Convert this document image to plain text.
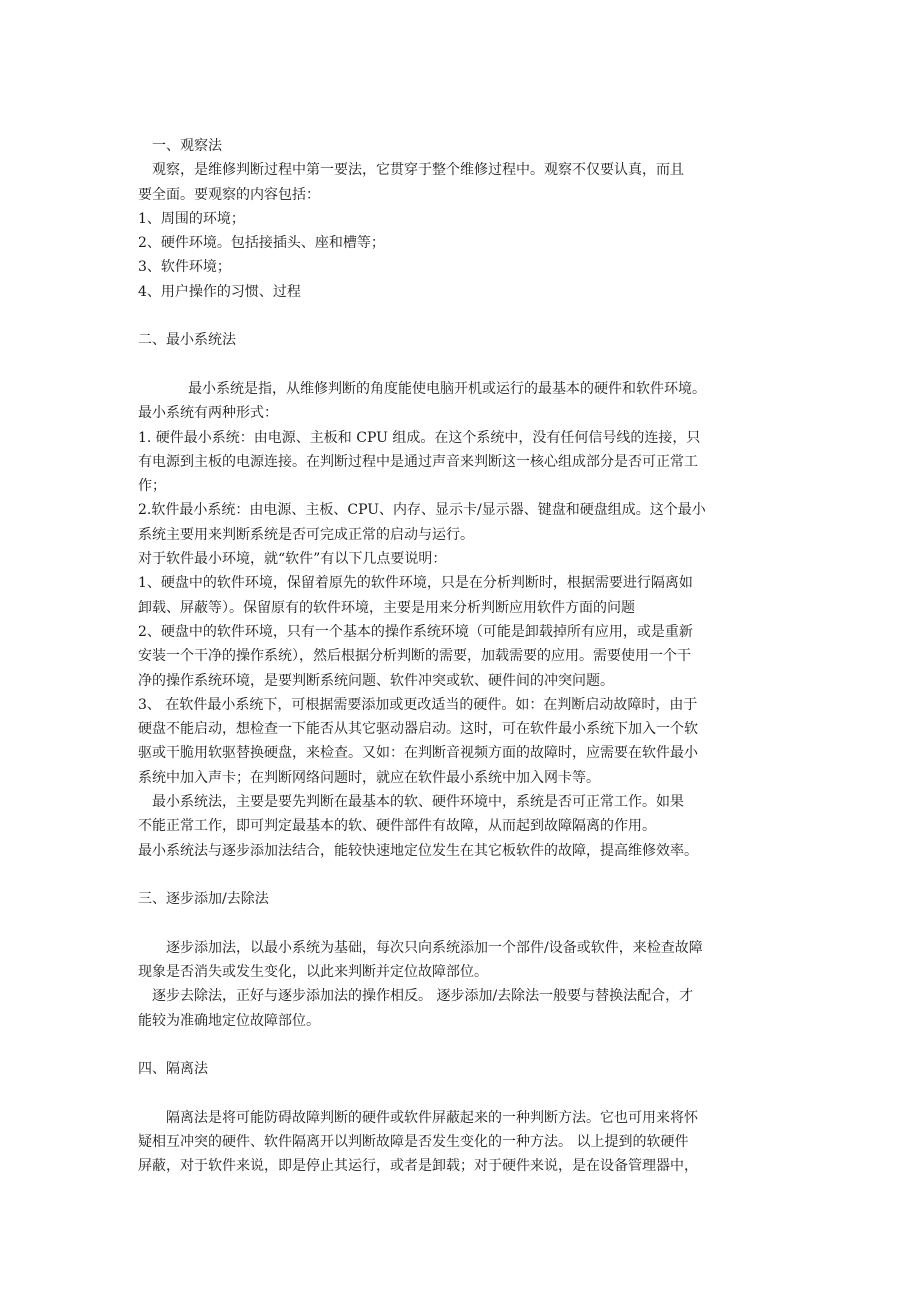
一、观察法
观察，是维修判断过程中第一要法，它贯穿于整个维修过程中。观察不仅要认真，而且
要全面。要观察的内容包括：
1、周围的环境；
2、硬件环境。包括接插头、座和槽等；
3、软件环境；
4、用户操作的习惯、过程
二、最小系统法
最小系统是指，从维修判断的角度能使电脑开机或运行的最基本的硬件和软件环境。
最小系统有两种形式：
1. 硬件最小系统：由电源、主板和 CPU 组成。在这个系统中，没有任何信号线的连接，只
有电源到主板的电源连接。在判断过程中是通过声音来判断这一核心组成部分是否可正常工
作；
2.软件最小系统：由电源、主板、CPU、内存、显示卡/显示器、键盘和硬盘组成。这个最小
系统主要用来判断系统是否可完成正常的启动与运行。
对于软件最小环境，就“软件”有以下几点要说明：
1、硬盘中的软件环境，保留着原先的软件环境，只是在分析判断时，根据需要进行隔离如
卸载、屏蔽等）。保留原有的软件环境，主要是用来分析判断应用软件方面的问题
2、硬盘中的软件环境，只有一个基本的操作系统环境（可能是卸载掉所有应用，或是重新
安装一个干净的操作系统），然后根据分析判断的需要，加载需要的应用。需要使用一个干
净的操作系统环境，是要判断系统问题、软件冲突或软、硬件间的冲突问题。
3、 在软件最小系统下，可根据需要添加或更改适当的硬件。如：在判断启动故障时，由于
硬盘不能启动，想检查一下能否从其它驱动器启动。这时，可在软件最小系统下加入一个软
驱或干脆用软驱替换硬盘，来检查。又如：在判断音视频方面的故障时，应需要在软件最小
系统中加入声卡；在判断网络问题时，就应在软件最小系统中加入网卡等。
最小系统法，主要是要先判断在最基本的软、硬件环境中，系统是否可正常工作。如果
不能正常工作，即可判定最基本的软、硬件部件有故障，从而起到故障隔离的作用。
最小系统法与逐步添加法结合，能较快速地定位发生在其它板软件的故障，提高维修效率。
三、逐步添加/去除法
逐步添加法，以最小系统为基础，每次只向系统添加一个部件/设备或软件，来检查故障
现象是否消失或发生变化，以此来判断并定位故障部位。
逐步去除法，正好与逐步添加法的操作相反。 逐步添加/去除法一般要与替换法配合，才
能较为准确地定位故障部位。
四、隔离法
隔离法是将可能防碍故障判断的硬件或软件屏蔽起来的一种判断方法。它也可用来将怀
疑相互冲突的硬件、软件隔离开以判断故障是否发生变化的一种方法。 以上提到的软硬件
屏蔽，对于软件来说，即是停止其运行，或者是卸载；对于硬件来说，是在设备管理器中，
